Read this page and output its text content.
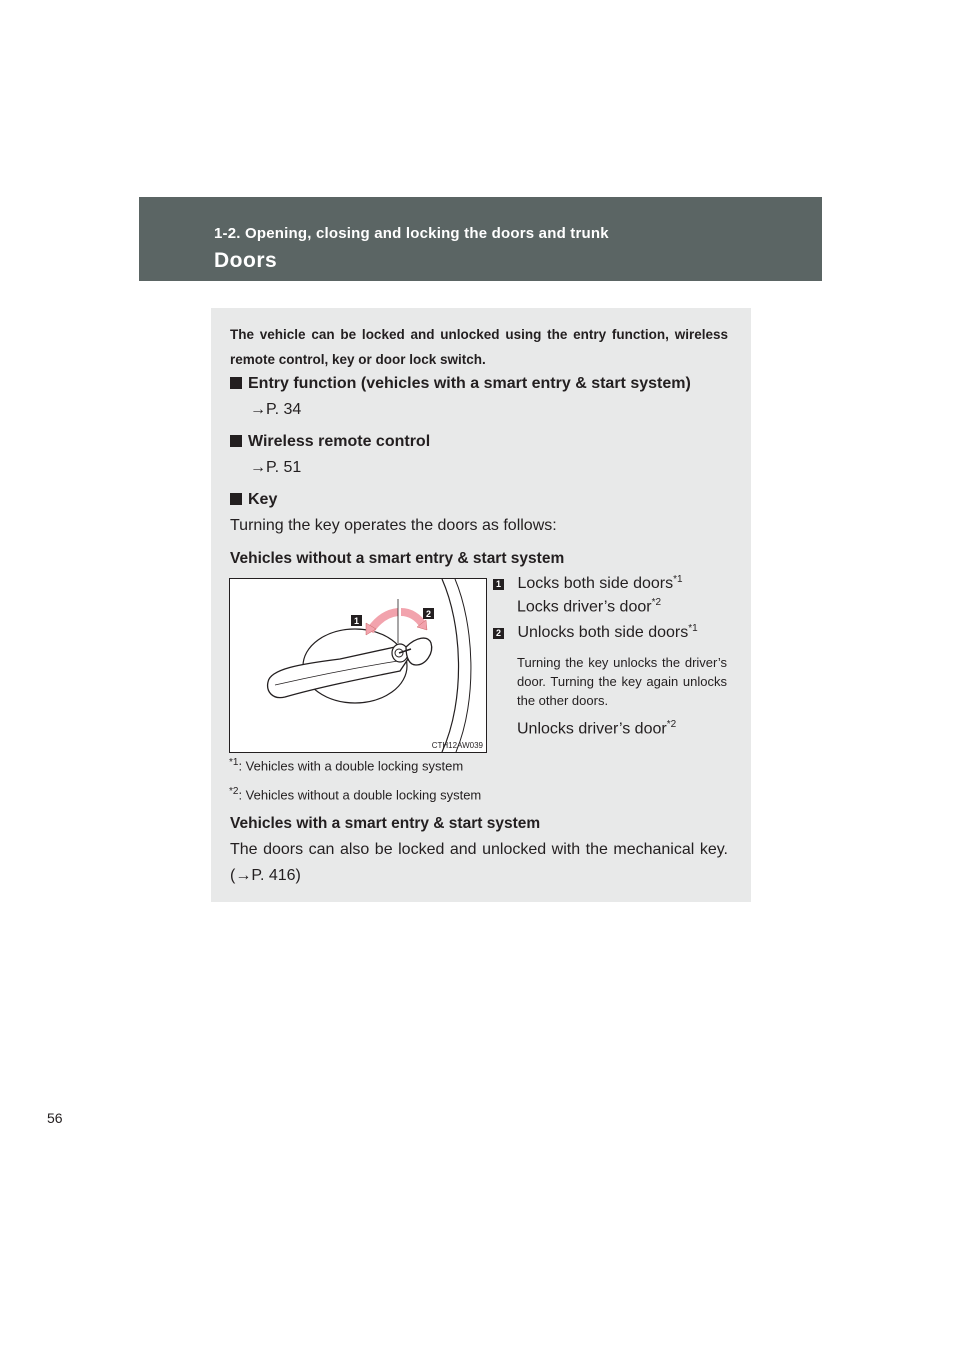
1-2. Opening, closing and locking the doors and trunk
Doors
The vehicle can be locked and unlocked using the entry function, wireless remote control, key or door lock switch.
Entry function (vehicles with a smart entry & start system)
→P. 34
Wireless remote control
→P. 51
Key
Turning the key operates the doors as follows:
Vehicles without a smart entry & start system
1
2
CTH12AW039
1 Locks both side doors$^{*1}$
Locks driver’s door$^{*2}$
2 Unlocks both side doors$^{*1}$
Turning the key unlocks the driver’s door. Turning the key again unlocks the other doors.
Unlocks driver’s door$^{*2}$
$^{*1}$: Vehicles with a double locking system
$^{*2}$: Vehicles without a double locking system
Vehicles with a smart entry & start system
The doors can also be locked and unlocked with the mechanical key. (→P. 416)
56
